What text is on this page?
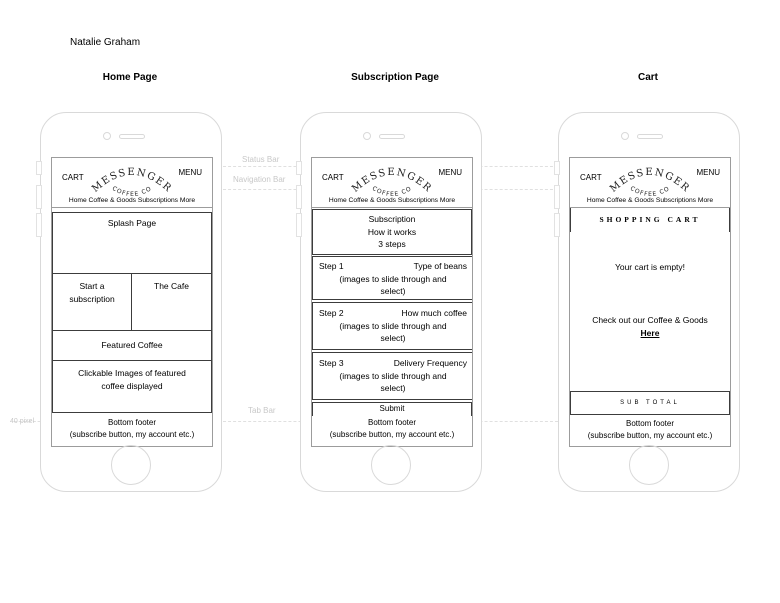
Natalie Graham
Home Page	Subscription Page	Cart
Status Bar
Navigation Bar
Tab Bar
40 pixel
CART
MESSENGER
COFFEE CO
MENU
Home Coffee & Goods Subscriptions More
Splash Page
Start a
subscription
The Cafe
Featured Coffee
Clickable Images of featured
coffee displayed
Bottom footer
(subscribe button, my account etc.)
CART
MESSENGER
COFFEE CO
MENU
Home Coffee & Goods Subscriptions More
Subscription
How it works
3 steps
Step 1	Type of beans
(images to slide through and
select)
Step 2	How much coffee
(images to slide through and
select)
Step 3	Delivery Frequency
(images to slide through and
select)
Submit
Bottom footer
(subscribe button, my account etc.)
CART
MESSENGER
COFFEE CO
MENU
Home Coffee & Goods Subscriptions More
SHOPPING CART
Your cart is empty!
Check out our Coffee & Goods
Here
SUB TOTAL
Bottom footer
(subscribe button, my account etc.)
